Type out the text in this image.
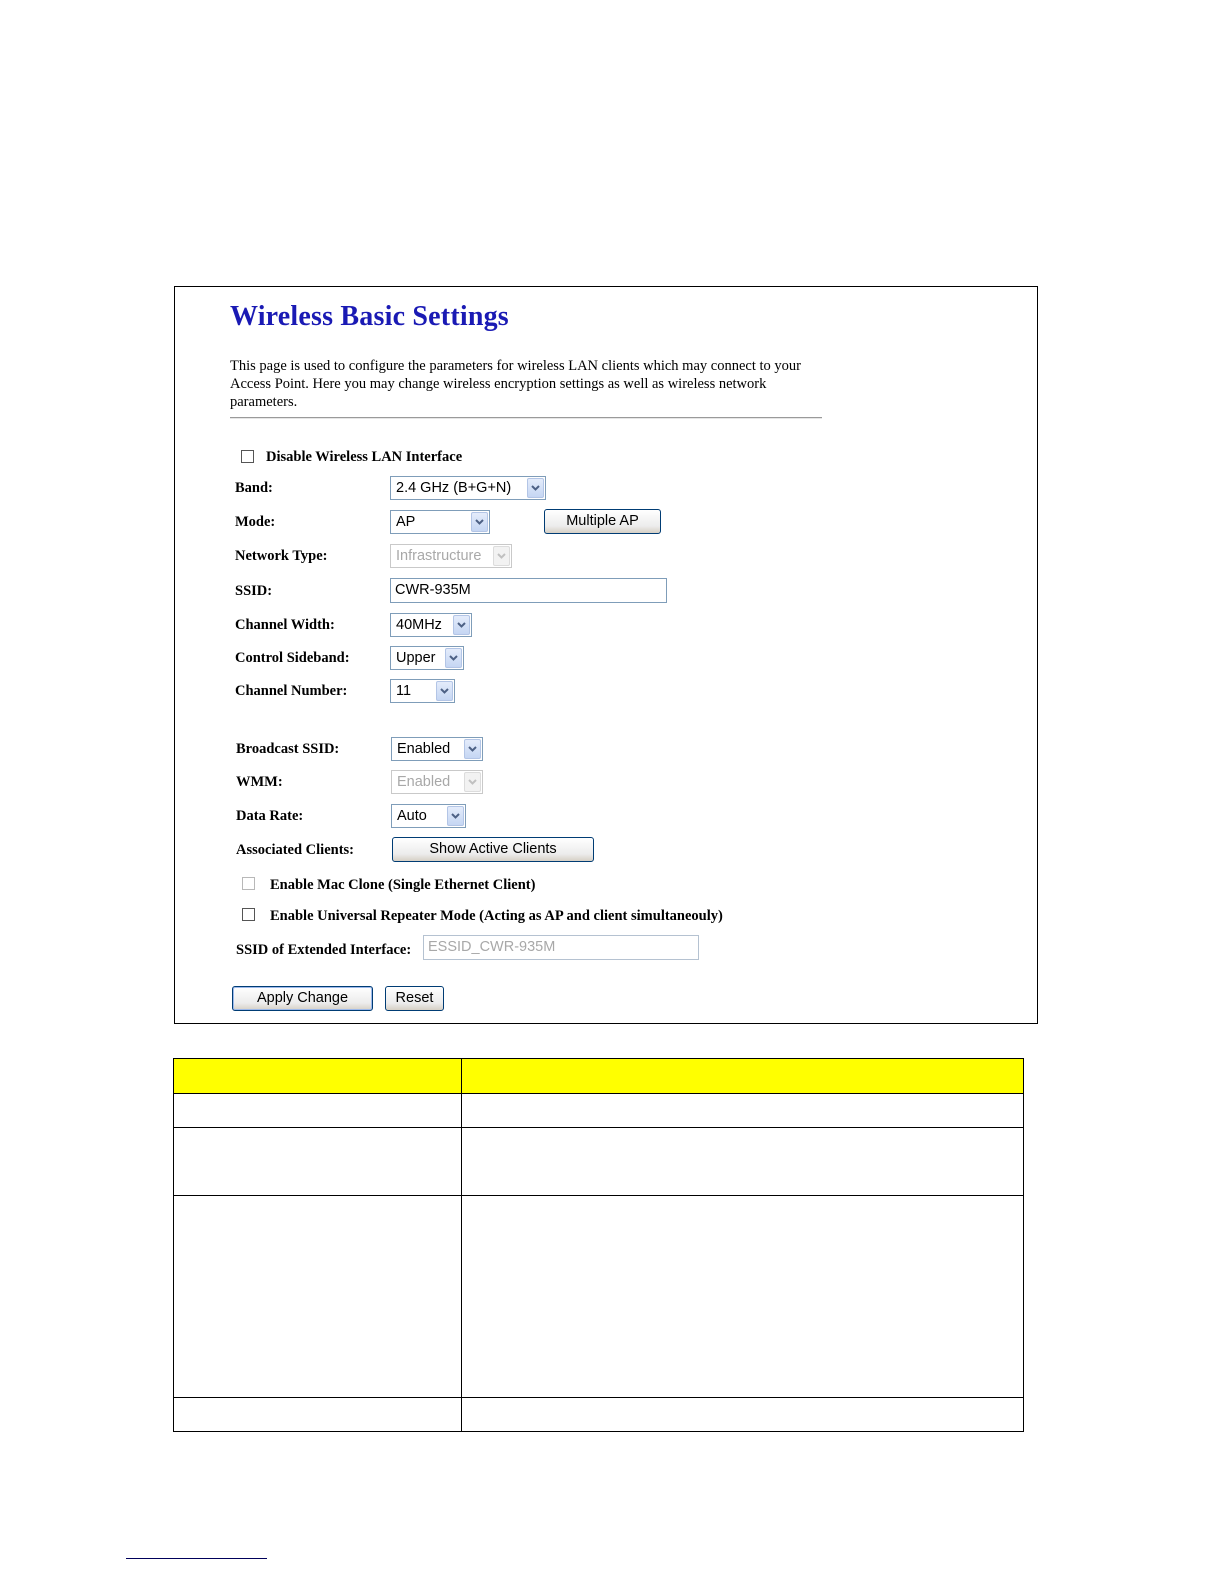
Wireless Basic Settings
This page is used to configure the parameters for wireless LAN clients which may connect to your Access Point. Here you may change wireless encryption settings as well as wireless network parameters.
Disable Wireless LAN Interface
Band:	2.4 GHz (B+G+N)
Mode:	AP	Multiple AP
Network Type:	Infrastructure
SSID:	CWR-935M
Channel Width:	40MHz
Control Sideband:	Upper
Channel Number:	11
Broadcast SSID:	Enabled
WMM:	Enabled
Data Rate:	Auto
Associated Clients:	Show Active Clients
Enable Mac Clone (Single Ethernet Client)
Enable Universal Repeater Mode (Acting as AP and client simultaneouly)
SSID of Extended Interface:	ESSID_CWR-935M
Apply Change	Reset
